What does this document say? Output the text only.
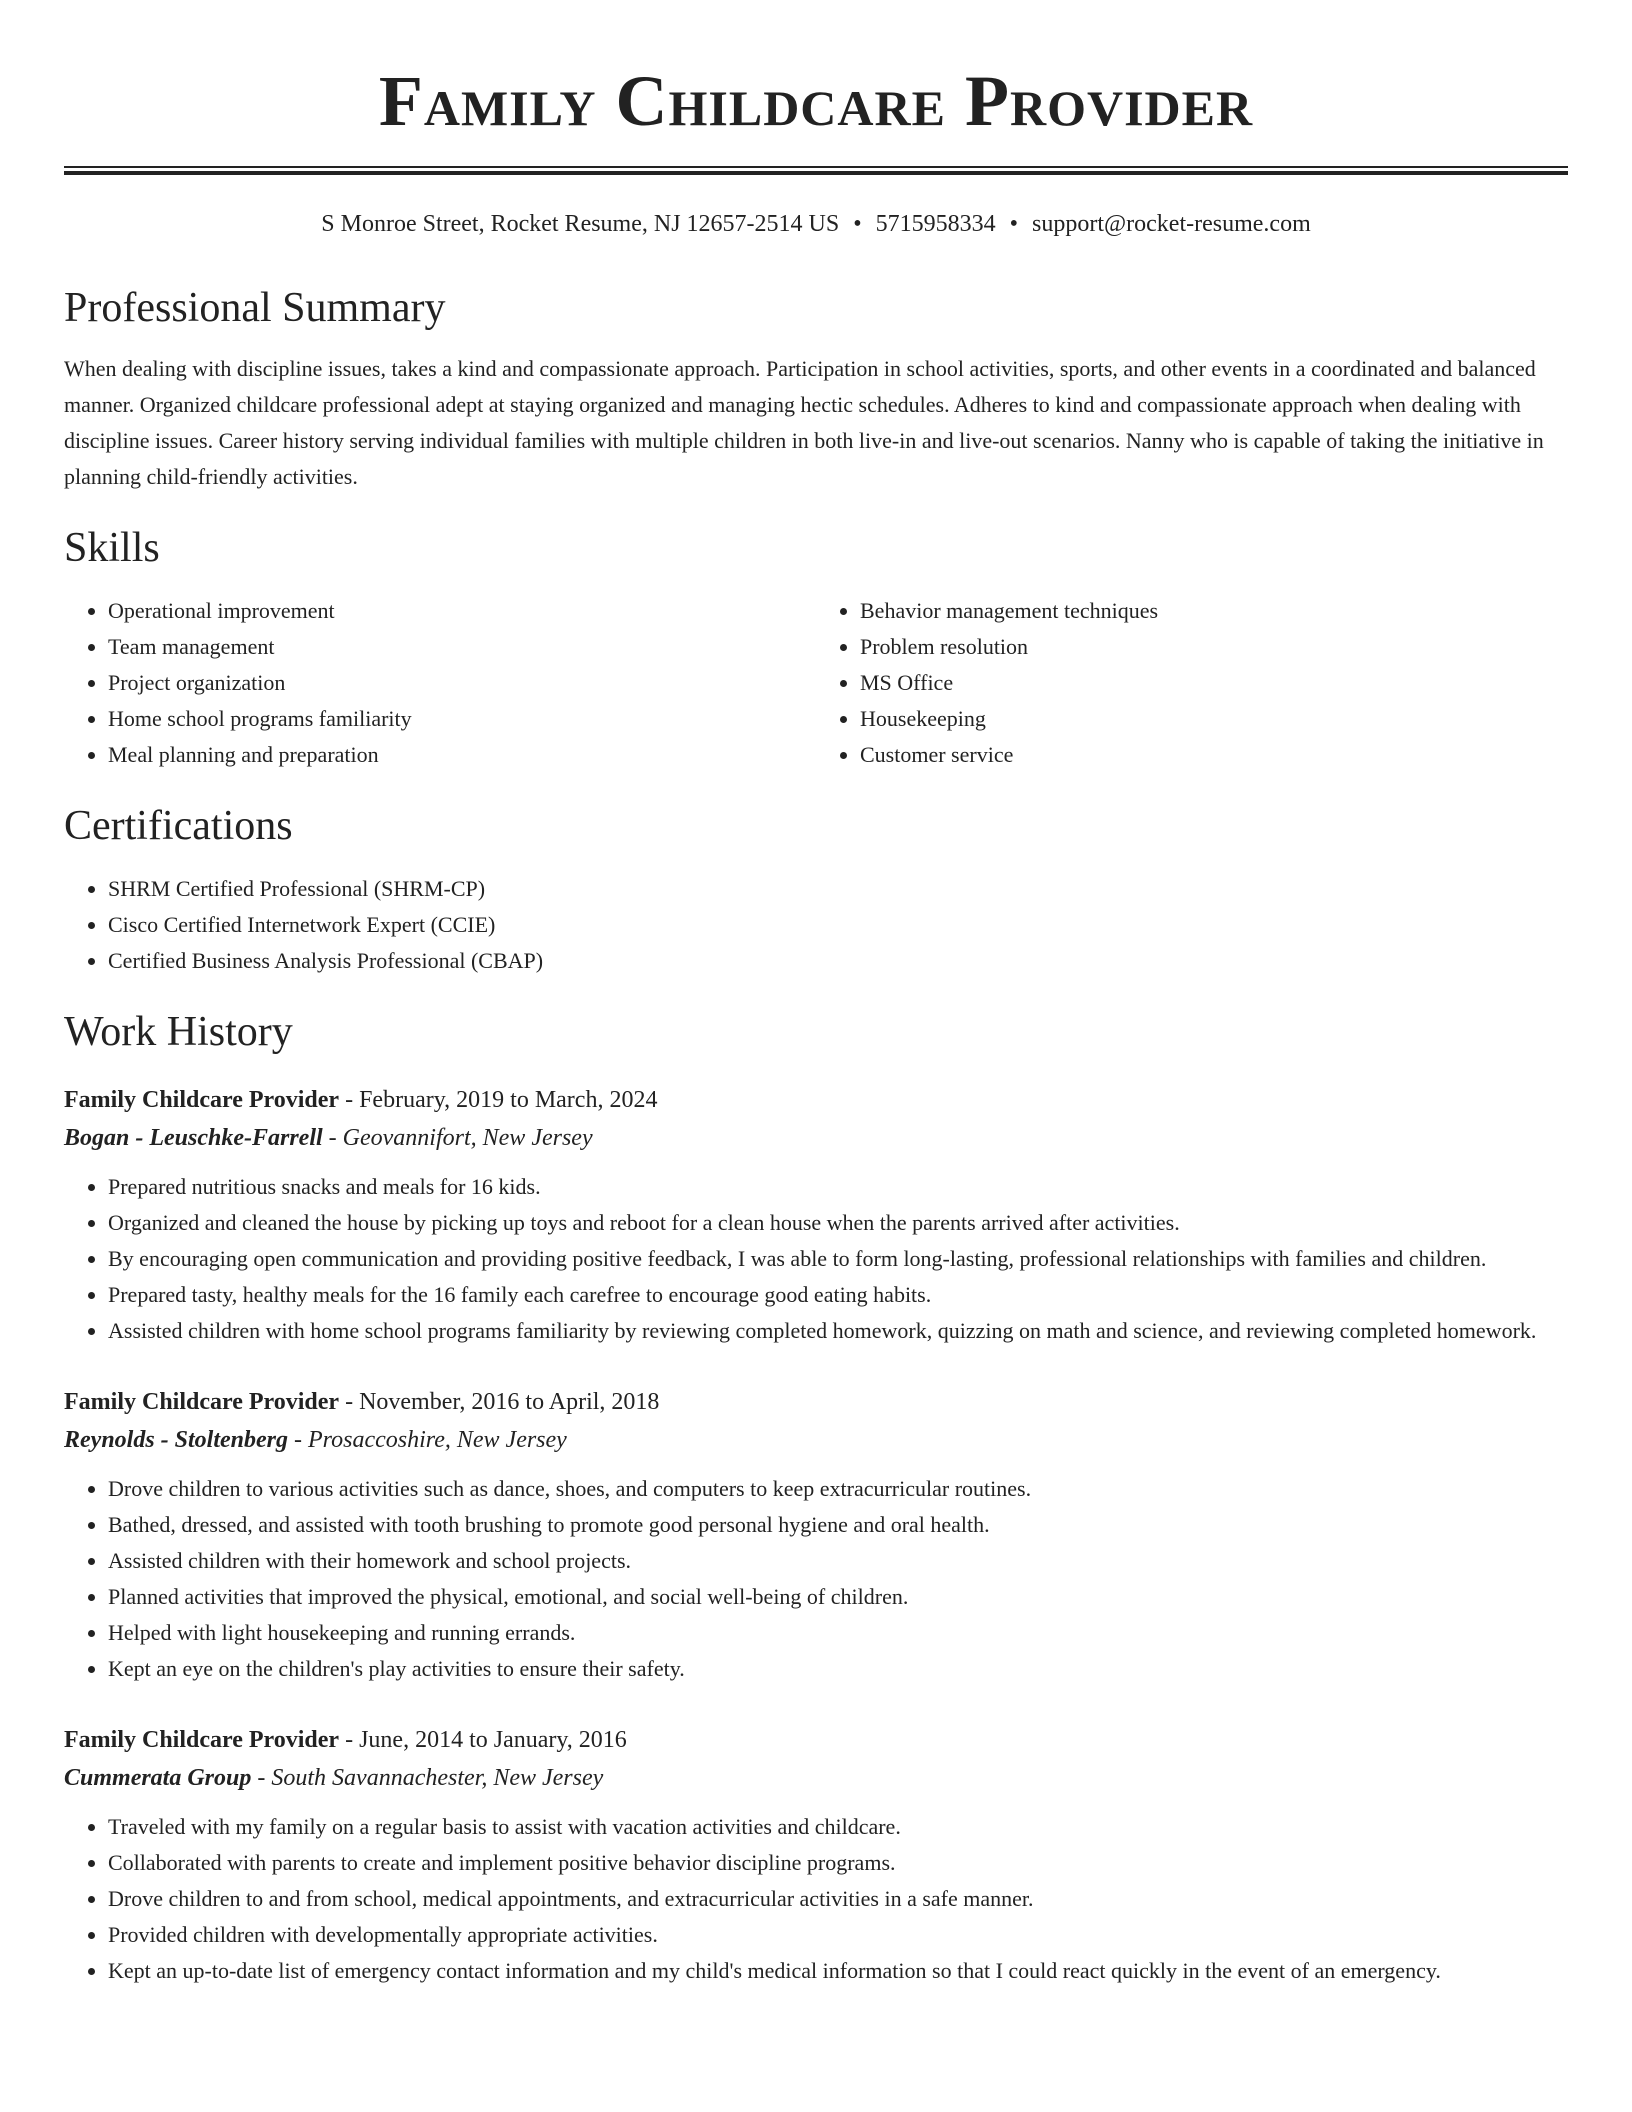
Family Childcare Provider
S Monroe Street, Rocket Resume, NJ 12657-2514 US • 5715958334 • support@rocket-resume.com
Professional Summary

When dealing with discipline issues, takes a kind and compassionate approach. Participation in school activities, sports, and other events in a coordinated and balanced manner. Organized childcare professional adept at staying organized and managing hectic schedules. Adheres to kind and compassionate approach when dealing with discipline issues. Career history serving individual families with multiple children in both live-in and live-out scenarios. Nanny who is capable of taking the initiative in planning child-friendly activities.

Skills
• Operational improvement
• Team management
• Project organization
• Home school programs familiarity
• Meal planning and preparation
• Behavior management techniques
• Problem resolution
• MS Office
• Housekeeping
• Customer service
Certifications
• SHRM Certified Professional (SHRM-CP)
• Cisco Certified Internetwork Expert (CCIE)
• Certified Business Analysis Professional (CBAP)
Work History
Family Childcare Provider - February, 2019 to March, 2024
Bogan - Leuschke-Farrell - Geovannifort, New Jersey
• Prepared nutritious snacks and meals for 16 kids.
• Organized and cleaned the house by picking up toys and reboot for a clean house when the parents arrived after activities.
• By encouraging open communication and providing positive feedback, I was able to form long-lasting, professional relationships with families and children.
• Prepared tasty, healthy meals for the 16 family each carefree to encourage good eating habits.
• Assisted children with home school programs familiarity by reviewing completed homework, quizzing on math and science, and reviewing completed homework.
Family Childcare Provider - November, 2016 to April, 2018
Reynolds - Stoltenberg - Prosaccoshire, New Jersey
• Drove children to various activities such as dance, shoes, and computers to keep extracurricular routines.
• Bathed, dressed, and assisted with tooth brushing to promote good personal hygiene and oral health.
• Assisted children with their homework and school projects.
• Planned activities that improved the physical, emotional, and social well-being of children.
• Helped with light housekeeping and running errands.
• Kept an eye on the children's play activities to ensure their safety.
Family Childcare Provider - June, 2014 to January, 2016
Cummerata Group - South Savannachester, New Jersey
• Traveled with my family on a regular basis to assist with vacation activities and childcare.
• Collaborated with parents to create and implement positive behavior discipline programs.
• Drove children to and from school, medical appointments, and extracurricular activities in a safe manner.
• Provided children with developmentally appropriate activities.
• Kept an up-to-date list of emergency contact information and my child's medical information so that I could react quickly in the event of an emergency.
